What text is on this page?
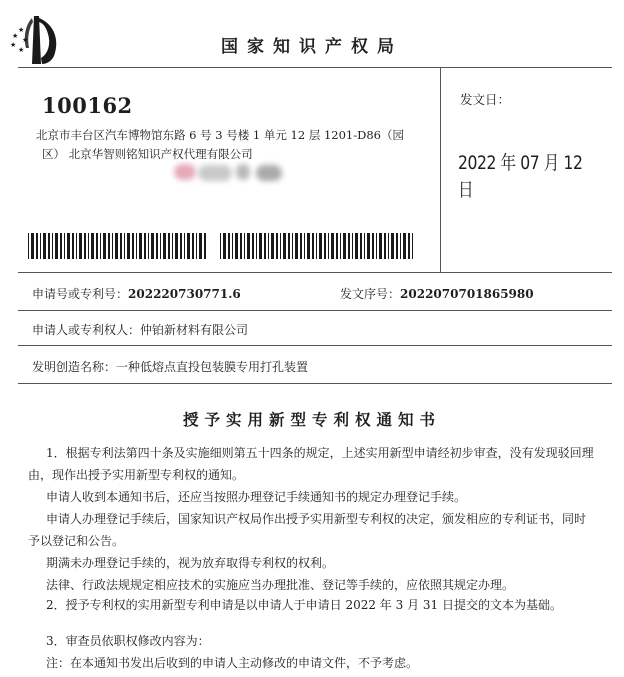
★
★
★
★
★	国家知识产权局
100162
北京市丰台区汽车博物馆东路 6 号 3 号楼 1 单元 12 层 1201-D86（园
区） 北京华智则铭知识产权代理有限公司
发文日：
2022 年 07 月 12 日
申请号或专利号：202220730771.6	发文序号：2022070701865980
申请人或专利权人：仲铂新材料有限公司
发明创造名称：一种低熔点直投包装膜专用打孔装置
授予实用新型专利权通知书

1．根据专利法第四十条及实施细则第五十四条的规定，上述实用新型申请经初步审查，没有发现驳回理

由，现作出授予实用新型专利权的通知。

申请人收到本通知书后，还应当按照办理登记手续通知书的规定办理登记手续。

申请人办理登记手续后，国家知识产权局作出授予实用新型专利权的决定，颁发相应的专利证书，同时

予以登记和公告。

期满未办理登记手续的，视为放弃取得专利权的权利。

法律、行政法规规定相应技术的实施应当办理批准、登记等手续的，应依照其规定办理。

2．授予专利权的实用新型专利申请是以申请人于申请日 2022 年 3 月 31 日提交的文本为基础。

3．审查员依职权修改内容为：

注：在本通知书发出后收到的申请人主动修改的申请文件，不予考虑。
